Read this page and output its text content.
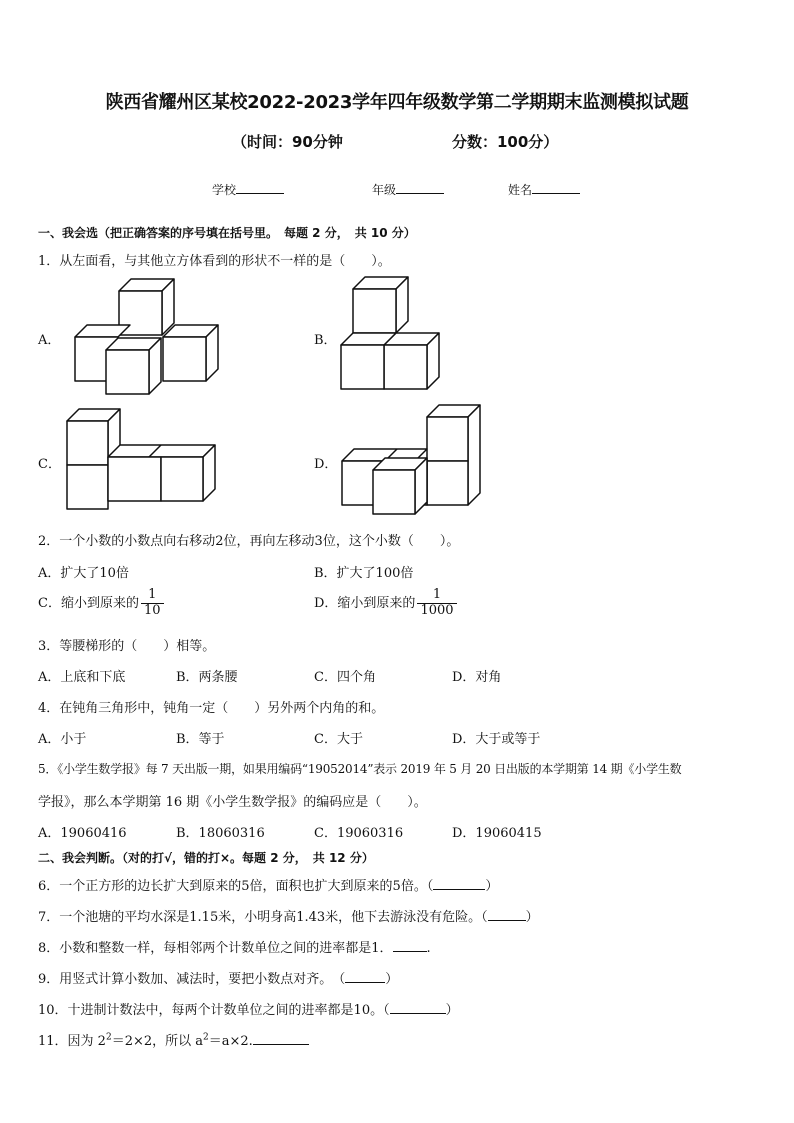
陕西省耀州区某校2022-2023学年四年级数学第二学期期末监测模拟试题
（时间：90分钟	分数：100分）
学校	年级	姓名
一、我会选（把正确答案的序号填在括号里。　每题 2 分，　共 10 分）
1．从左面看，与其他立方体看到的形状不一样的是（　　）。
A．	B．
C．	D．
2．一个小数的小数点向右移动2位，再向左移动3位，这个小数（　　）。
A．扩大了10倍	B．扩大了100倍
C．缩小到原来的 $\frac{1}{10}$	D．缩小到原来的 $\frac{1}{1000}$
3．等腰梯形的（　　）相等。
A．上底和下底	B．两条腰	C．四个角	D．对角
4．在钝角三角形中，钝角一定（　　）另外两个内角的和。
A．小于	B．等于	C．大于	D．大于或等于
5．《小学生数学报》每 7 天出版一期，如果用编码“19052014”表示 2019 年 5 月 20 日出版的本学期第 14 期《小学生数
学报》，那么本学期第 16 期《小学生数学报》的编码应是（　　）。
A．19060416	B．18060316	C．19060316	D．19060415
二、我会判断。（对的打√，错的打×。每题 2 分，　共 12 分）
6．一个正方形的边长扩大到原来的5倍，面积也扩大到原来的5倍。（	）
7．一个池塘的平均水深是1.15米，小明身高1.43米，他下去游泳没有危险。（	）
8．小数和整数一样，每相邻两个计数单位之间的进率都是1．	.
9．用竖式计算小数加、减法时，要把小数点对齐。　（	）
10．十进制计数法中，每两个计数单位之间的进率都是10。（	）
11．因为 $2^2=2\times 2$，所以 $a^2=a\times 2$.
